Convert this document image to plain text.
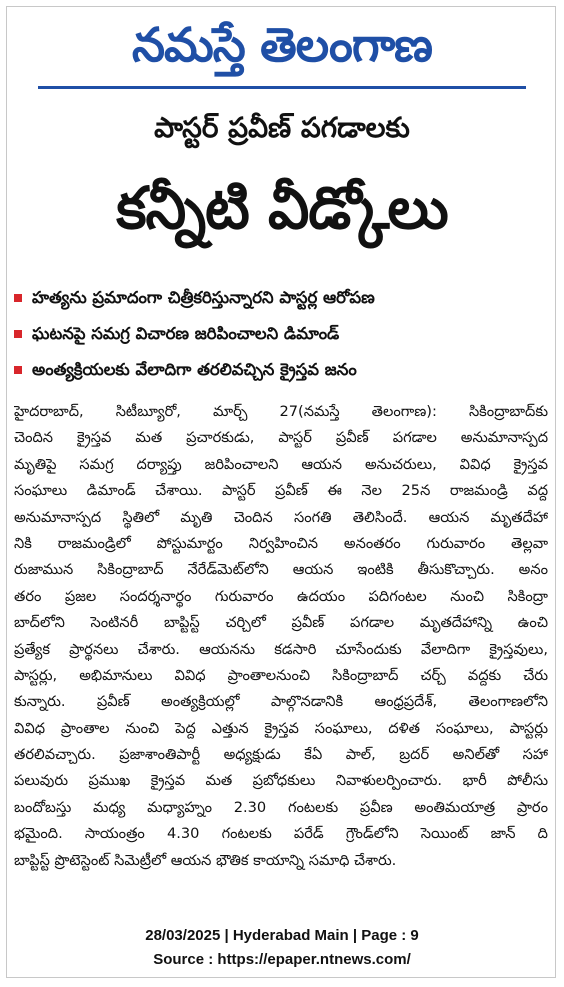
నమస్తే తెలంగాణ
పాస్టర్ ప్రవీణ్ పగడాలకు
కన్నీటి వీడ్కోలు
హత్యను ప్రమాదంగా చిత్రీకరిస్తున్నారని పాస్టర్ల ఆరోపణ
ఘటనపై సమగ్ర విచారణ జరిపించాలని డిమాండ్
అంత్యక్రియలకు వేలాదిగా తరలివచ్చిన క్రైస్తవ జనం
హైదరాబాద్, సిటీబ్యూరో, మార్చ్ 27(నమస్తే తెలంగాణ): సికింద్రాబాద్‌కు
చెందిన క్రైస్తవ మత ప్రచారకుడు, పాస్టర్ ప్రవీణ్ పగడాల అనుమానాస్పద
మృతిపై సమగ్ర దర్యాప్తు జరిపించాలని ఆయన అనుచరులు, వివిధ క్రైస్తవ
సంఘాలు డిమాండ్ చేశాయి. పాస్టర్ ప్రవీణ్ ఈ నెల 25న రాజమండ్రి వద్ద
అనుమానాస్పద స్థితిలో మృతి చెందిన సంగతి తెలిసిందే. ఆయన మృతదేహా
నికి రాజమండ్రిలో పోస్టుమార్టం నిర్వహించిన అనంతరం గురువారం తెల్లవా
రుజామున సికింద్రాబాద్ నేరేడ్‌మెట్‌లోని ఆయన ఇంటికి తీసుకొచ్చారు. అనం
తరం ప్రజల సందర్శనార్థం గురువారం ఉదయం పదిగంటల నుంచి సికింద్రా
బాద్‌లోని సెంటినరీ బాప్టిస్ట్ చర్చిలో ప్రవీణ్ పగడాల మృతదేహాన్ని ఉంచి
ప్రత్యేక ప్రార్థనలు చేశారు. ఆయనను కడసారి చూసేందుకు వేలాదిగా క్రైస్తవులు,
పాస్టర్లు, అభిమానులు వివిధ ప్రాంతాలనుంచి సికింద్రాబాద్ చర్చ్ వద్దకు చేరు
కున్నారు. ప్రవీణ్ అంత్యక్రియల్లో పాల్గొనడానికి ఆంధ్రప్రదేశ్, తెలంగాణలోని
వివిధ ప్రాంతాల నుంచి పెద్ద ఎత్తున క్రైస్తవ సంఘాలు, దళిత సంఘాలు, పాస్టర్లు
తరలివచ్చారు. ప్రజాశాంతిపార్టీ అధ్యక్షుడు కేఏ పాల్, బ్రదర్ అనిల్‌తో సహా
పలువురు ప్రముఖ క్రైస్తవ మత ప్రబోధకులు నివాళులర్పించారు. భారీ పోలీసు
బందోబస్తు మధ్య మధ్యాహ్నం 2.30 గంటలకు ప్రవీణ అంతిమయాత్ర ప్రారం
భమైంది. సాయంత్రం 4.30 గంటలకు పరేడ్ గ్రౌండ్‌లోని సెయింట్ జాన్ ది
బాప్టిస్ట్ ప్రొటెస్టెంట్ సిమెట్రీలో ఆయన భౌతిక కాయాన్ని సమాధి చేశారు.
28/03/2025 | Hyderabad Main | Page : 9
Source : https://epaper.ntnews.com/
